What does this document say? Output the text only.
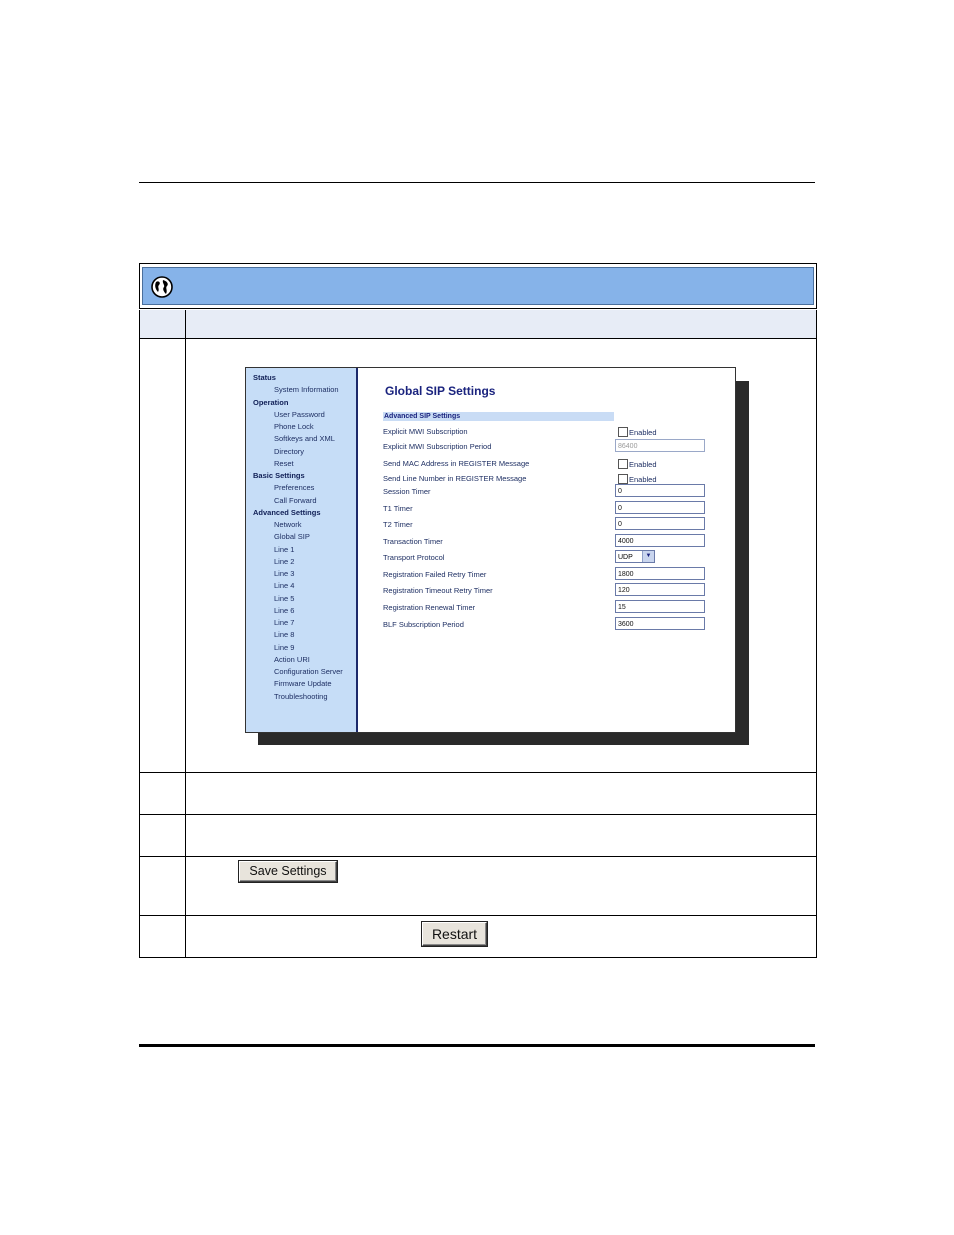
Status
System Information
Operation
User Password
Phone Lock
Softkeys and XML
Directory
Reset
Basic Settings
Preferences
Call Forward
Advanced Settings
Network
Global SIP
Line 1
Line 2
Line 3
Line 4
Line 5
Line 6
Line 7
Line 8
Line 9
Action URI
Configuration Server
Firmware Update
Troubleshooting
Global SIP Settings
Advanced SIP Settings
Explicit MWI Subscription	Enabled
Explicit MWI Subscription Period	86400
Send MAC Address in REGISTER Message	Enabled
Send Line Number in REGISTER Message	Enabled
Session Timer	0
T1 Timer	0
T2 Timer	0
Transaction Timer	4000
Transport Protocol	UDP	▼
Registration Failed Retry Timer	1800
Registration Timeout Retry Timer	120
Registration Renewal Timer	15
BLF Subscription Period	3600
Save Settings
Restart
